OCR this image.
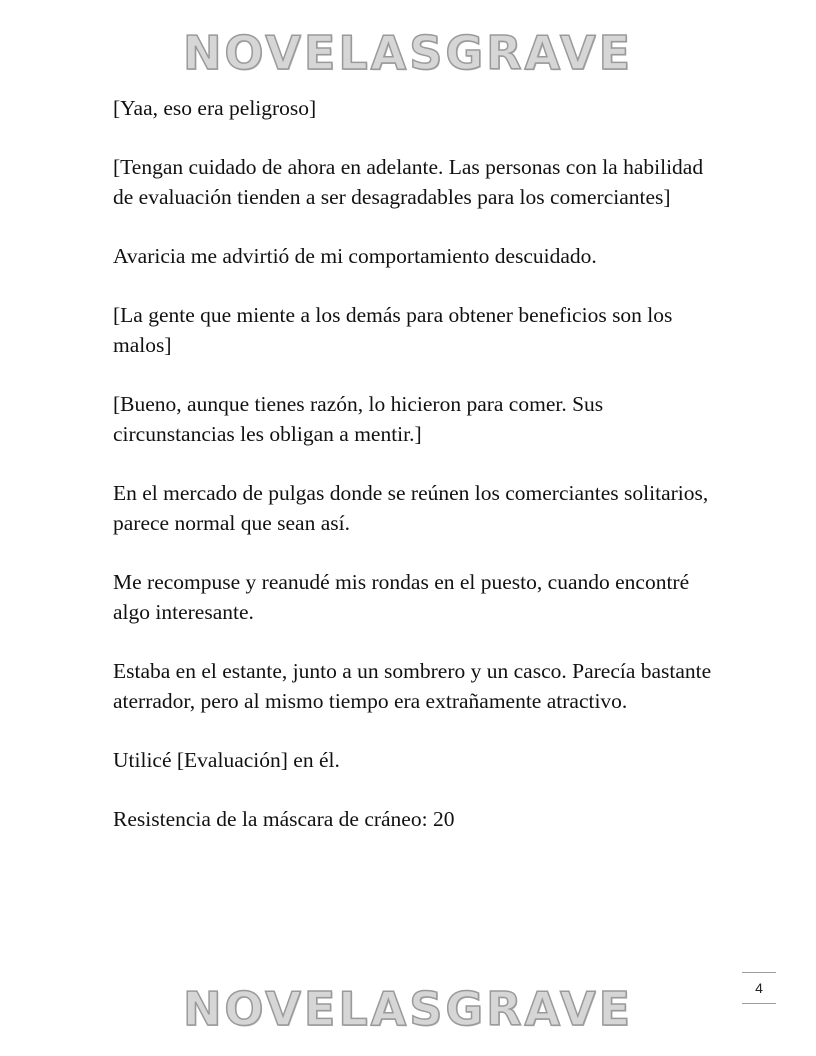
NOVELASGRAVE

[Yaa, eso era peligroso]

[Tengan cuidado de ahora en adelante. Las personas con la habilidad de evaluación tienden a ser desagradables para los comerciantes]

Avaricia me advirtió de mi comportamiento descuidado.

[La gente que miente a los demás para obtener beneficios son los malos]

[Bueno, aunque tienes razón, lo hicieron para comer. Sus circunstancias les obligan a mentir.]

En el mercado de pulgas donde se reúnen los comerciantes solitarios, parece normal que sean así.

Me recompuse y reanudé mis rondas en el puesto, cuando encontré algo interesante.

Estaba en el estante, junto a un sombrero y un casco. Parecía bastante aterrador, pero al mismo tiempo era extrañamente atractivo.

Utilicé [Evaluación] en él.

Resistencia de la máscara de cráneo: 20

4
NOVELASGRAVE
